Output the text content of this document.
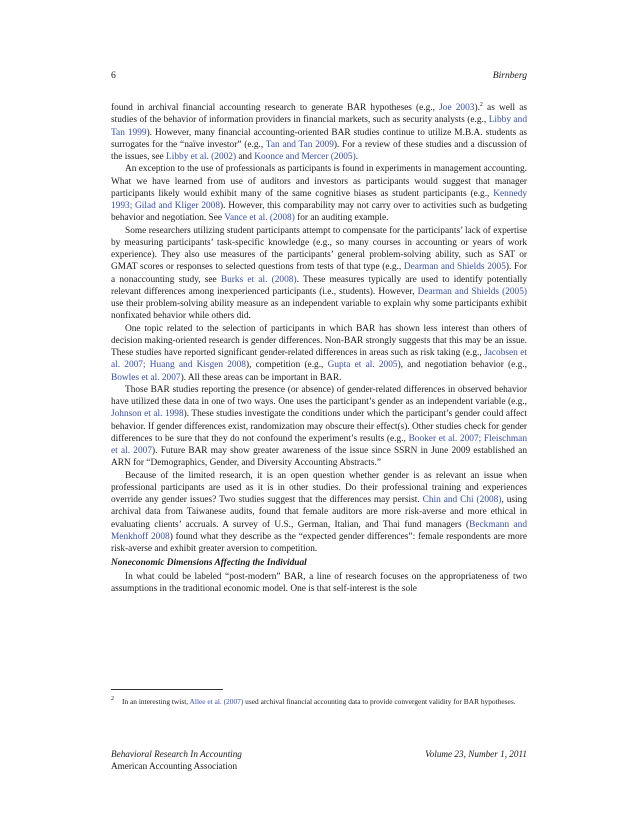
6	Birnberg

found in archival financial accounting research to generate BAR hypotheses (e.g., Joe 2003).$^2$ as well as studies of the behavior of information providers in financial markets, such as security analysts (e.g., Libby and Tan 1999). However, many financial accounting-oriented BAR studies continue to utilize M.B.A. students as surrogates for the “naïve investor” (e.g., Tan and Tan 2009). For a review of these studies and a discussion of the issues, see Libby et al. (2002) and Koonce and Mercer (2005).

An exception to the use of professionals as participants is found in experiments in management accounting. What we have learned from use of auditors and investors as participants would suggest that manager participants likely would exhibit many of the same cognitive biases as student participants (e.g., Kennedy 1993; Gilad and Kliger 2008). However, this comparability may not carry over to activities such as budgeting behavior and negotiation. See Vance et al. (2008) for an auditing example.

Some researchers utilizing student participants attempt to compensate for the participants’ lack of expertise by measuring participants’ task-specific knowledge (e.g., so many courses in accounting or years of work experience). They also use measures of the participants’ general problem-solving ability, such as SAT or GMAT scores or responses to selected questions from tests of that type (e.g., Dearman and Shields 2005). For a nonaccounting study, see Burks et al. (2008). These measures typically are used to identify potentially relevant differences among inexperienced participants (i.e., students). However, Dearman and Shields (2005) use their problem-solving ability measure as an independent variable to explain why some participants exhibit nonfixated behavior while others did.

One topic related to the selection of participants in which BAR has shown less interest than others of decision making-oriented research is gender differences. Non-BAR strongly suggests that this may be an issue. These studies have reported significant gender-related differences in areas such as risk taking (e.g., Jacobsen et al. 2007; Huang and Kisgen 2008), competition (e.g., Gupta et al. 2005), and negotiation behavior (e.g., Bowles et al. 2007). All these areas can be important in BAR.

Those BAR studies reporting the presence (or absence) of gender-related differences in observed behavior have utilized these data in one of two ways. One uses the participant’s gender as an independent variable (e.g., Johnson et al. 1998). These studies investigate the conditions under which the participant’s gender could affect behavior. If gender differences exist, randomization may obscure their effect(s). Other studies check for gender differences to be sure that they do not confound the experiment’s results (e.g., Booker et al. 2007; Fleischman et al. 2007). Future BAR may show greater awareness of the issue since SSRN in June 2009 established an ARN for “Demographics, Gender, and Diversity Accounting Abstracts.”

Because of the limited research, it is an open question whether gender is as relevant an issue when professional participants are used as it is in other studies. Do their professional training and experiences override any gender issues? Two studies suggest that the differences may persist. Chin and Chi (2008), using archival data from Taiwanese audits, found that female auditors are more risk-averse and more ethical in evaluating clients’ accruals. A survey of U.S., German, Italian, and Thai fund managers (Beckmann and Menkhoff 2008) found what they describe as the “expected gender differences”: female respondents are more risk-averse and exhibit greater aversion to competition.

Noneconomic Dimensions Affecting the Individual

In what could be labeled “post-modern” BAR, a line of research focuses on the appropriateness of two assumptions in the traditional economic model. One is that self-interest is the sole

2	In an interesting twist, Allee et al. (2007) used archival financial accounting data to provide convergent validity for BAR hypotheses.
Behavioral Research In Accounting
American Accounting Association
Volume 23, Number 1, 2011
